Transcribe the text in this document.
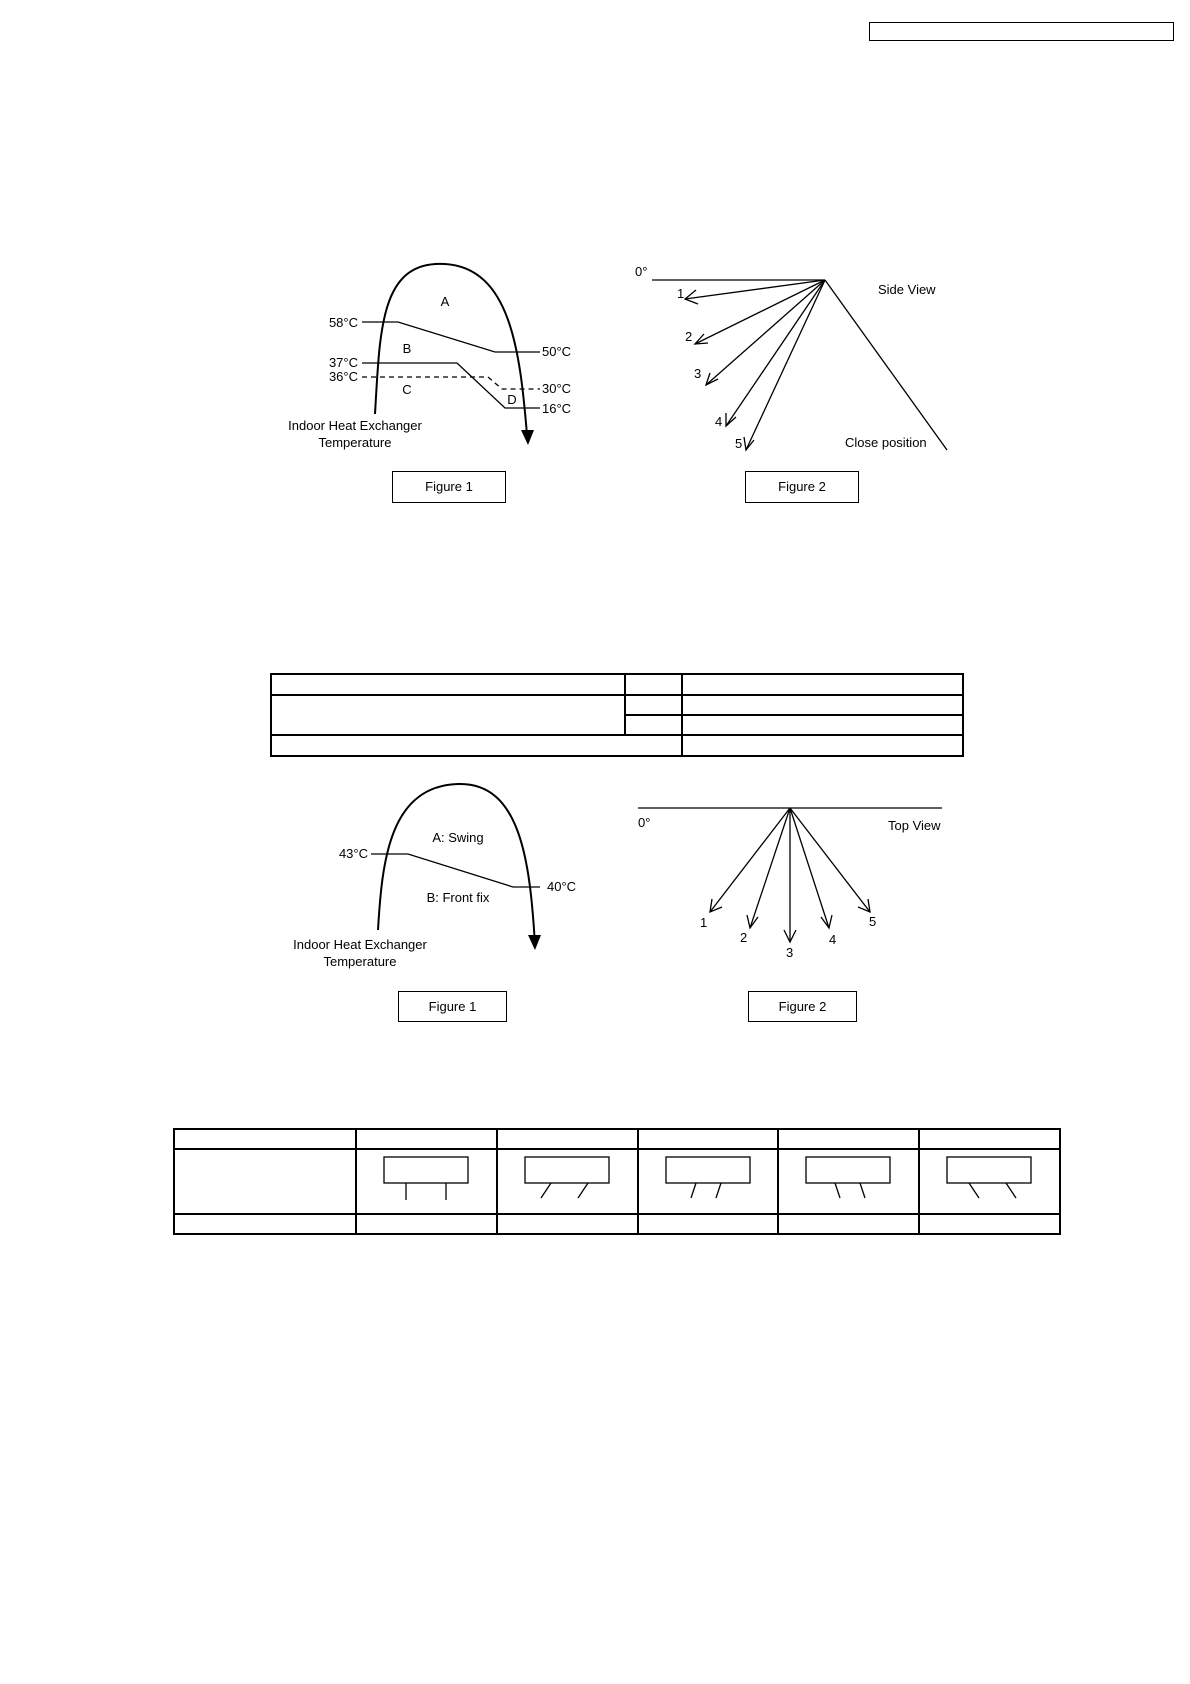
A
B
C
D
58°C
37°C
36°C
50°C
30°C
16°C
Indoor Heat Exchanger
Temperature
Figure 1
0°
1
2
3
4
5
Side View
Close position
Figure 2

A: Swing
B: Front fix
43°C
40°C
Indoor Heat Exchanger
Temperature
Figure 1
0°	Top View
1
2
3
4
5
Figure 2
